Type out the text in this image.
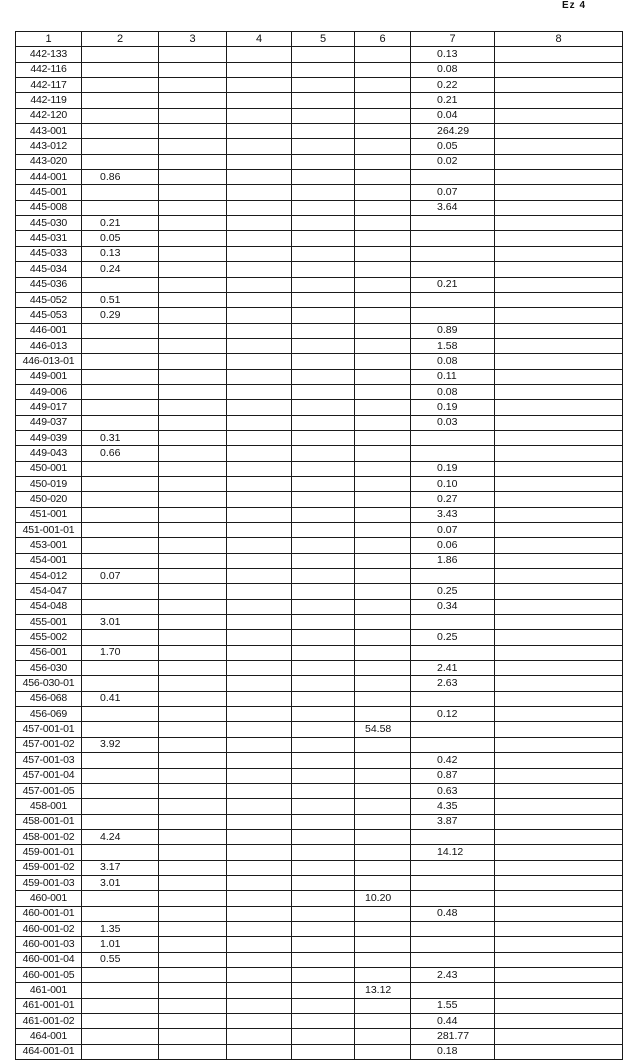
Ez 4
1	2	3	4	5	6	7	8
442-133						0.13	
442-116						0.08	
442-117						0.22	
442-119						0.21	
442-120						0.04	
443-001						264.29	
443-012						0.05	
443-020						0.02	
444-001	0.86						
445-001						0.07	
445-008						3.64	
445-030	0.21						
445-031	0.05						
445-033	0.13						
445-034	0.24						
445-036						0.21	
445-052	0.51						
445-053	0.29						
446-001						0.89	
446-013						1.58	
446-013-01						0.08	
449-001						0.11	
449-006						0.08	
449-017						0.19	
449-037						0.03	
449-039	0.31						
449-043	0.66						
450-001						0.19	
450-019						0.10	
450-020						0.27	
451-001						3.43	
451-001-01						0.07	
453-001						0.06	
454-001						1.86	
454-012	0.07						
454-047						0.25	
454-048						0.34	
455-001	3.01						
455-002						0.25	
456-001	1.70						
456-030						2.41	
456-030-01						2.63	
456-068	0.41						
456-069						0.12	
457-001-01					54.58		
457-001-02	3.92						
457-001-03						0.42	
457-001-04						0.87	
457-001-05						0.63	
458-001						4.35	
458-001-01						3.87	
458-001-02	4.24						
459-001-01						14.12	
459-001-02	3.17						
459-001-03	3.01						
460-001					10.20		
460-001-01						0.48	
460-001-02	1.35						
460-001-03	1.01						
460-001-04	0.55						
460-001-05						2.43	
461-001					13.12		
461-001-01						1.55	
461-001-02						0.44	
464-001						281.77	
464-001-01						0.18	
